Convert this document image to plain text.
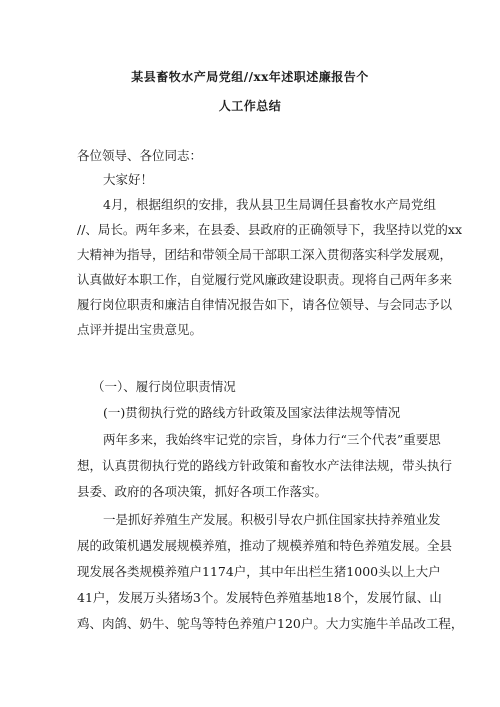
某县畜牧水产局党组//xx年述职述廉报告个
人工作总结

各位领导、各位同志：

大家好！

4月，根据组织的安排，我从县卫生局调任县畜牧水产局党组

//、局长。两年多来，在县委、县政府的正确领导下，我坚持以党的xx

大精神为指导，团结和带领全局干部职工深入贯彻落实科学发展观，

认真做好本职工作，自觉履行党风廉政建设职责。现将自己两年多来

履行岗位职责和廉洁自律情况报告如下，请各位领导、与会同志予以

点评并提出宝贵意见。

（一）、履行岗位职责情况

(一)贯彻执行党的路线方针政策及国家法律法规等情况

两年多来，我始终牢记党的宗旨，身体力行“三个代表”重要思

想，认真贯彻执行党的路线方针政策和畜牧水产法律法规，带头执行

县委、政府的各项决策，抓好各项工作落实。

一是抓好养殖生产发展。积极引导农户抓住国家扶持养殖业发

展的政策机遇发展规模养殖，推动了规模养殖和特色养殖发展。全县

现发展各类规模养殖户1174户，其中年出栏生猪1000头以上大户

41户，发展万头猪场3个。发展特色养殖基地18个，发展竹鼠、山

鸡、肉鸽、奶牛、鸵鸟等特色养殖户120户。大力实施牛羊品改工程，
